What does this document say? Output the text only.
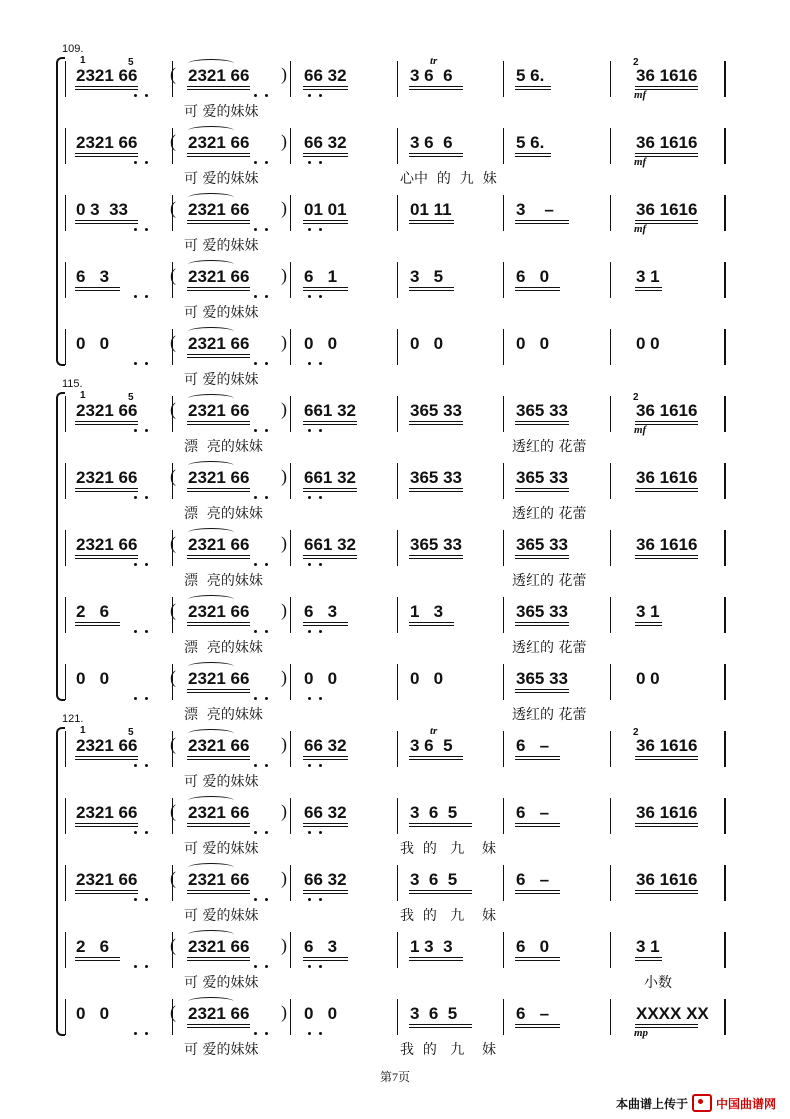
109.
2321 66	2321 66
(	) 66 32	3 6  6	5 6.	36 1616
可 爱的妹妹
mf
5	2
1	tr
2321 66	2321 66
(	) 66 32	3 6  6	5 6.	36 1616
可 爱的妹妹	心中  的  九  妹
mf
0 3  33	2321 66
(	) 01 01	01 11	3    –	36 1616
可 爱的妹妹
mf
6   3	2321 66
(	) 6   1	3   5	6   0	3 1
可 爱的妹妹
0   0	2321 66
(	) 0   0	0   0	0   0	0 0
可 爱的妹妹
115.
2321 66	2321 66
(	) 661 32	365 33	365 33	36 1616
漂  亮的妹妹	透红的 花蕾
mf
5	2
1
2321 66	2321 66
(	) 661 32	365 33	365 33	36 1616
漂  亮的妹妹	透红的 花蕾
2321 66	2321 66
(	) 661 32	365 33	365 33	36 1616
漂  亮的妹妹	透红的 花蕾
2   6	2321 66
(	) 6   3	1   3	365 33	3 1
漂  亮的妹妹	透红的 花蕾
0   0	2321 66
(	) 0   0	0   0	365 33	0 0
漂  亮的妹妹	透红的 花蕾
121.
2321 66	2321 66
(	) 66 32	3 6  5	6   –	36 1616
可 爱的妹妹
5	2
1	tr
2321 66	2321 66
(	) 66 32	3  6  5	6   –	36 1616
可 爱的妹妹	我  的   九    妹
2321 66	2321 66
(	) 66 32	3  6  5	6   –	36 1616
可 爱的妹妹	我  的   九    妹
2   6	2321 66
(	) 6   3	1 3  3	6   0	3 1
可 爱的妹妹	小数
0   0	2321 66
(	) 0   0	3  6  5	6   –	XXXX XX
可 爱的妹妹	我  的   九    妹
mp
第7页
本曲谱上传于 中国曲谱网
